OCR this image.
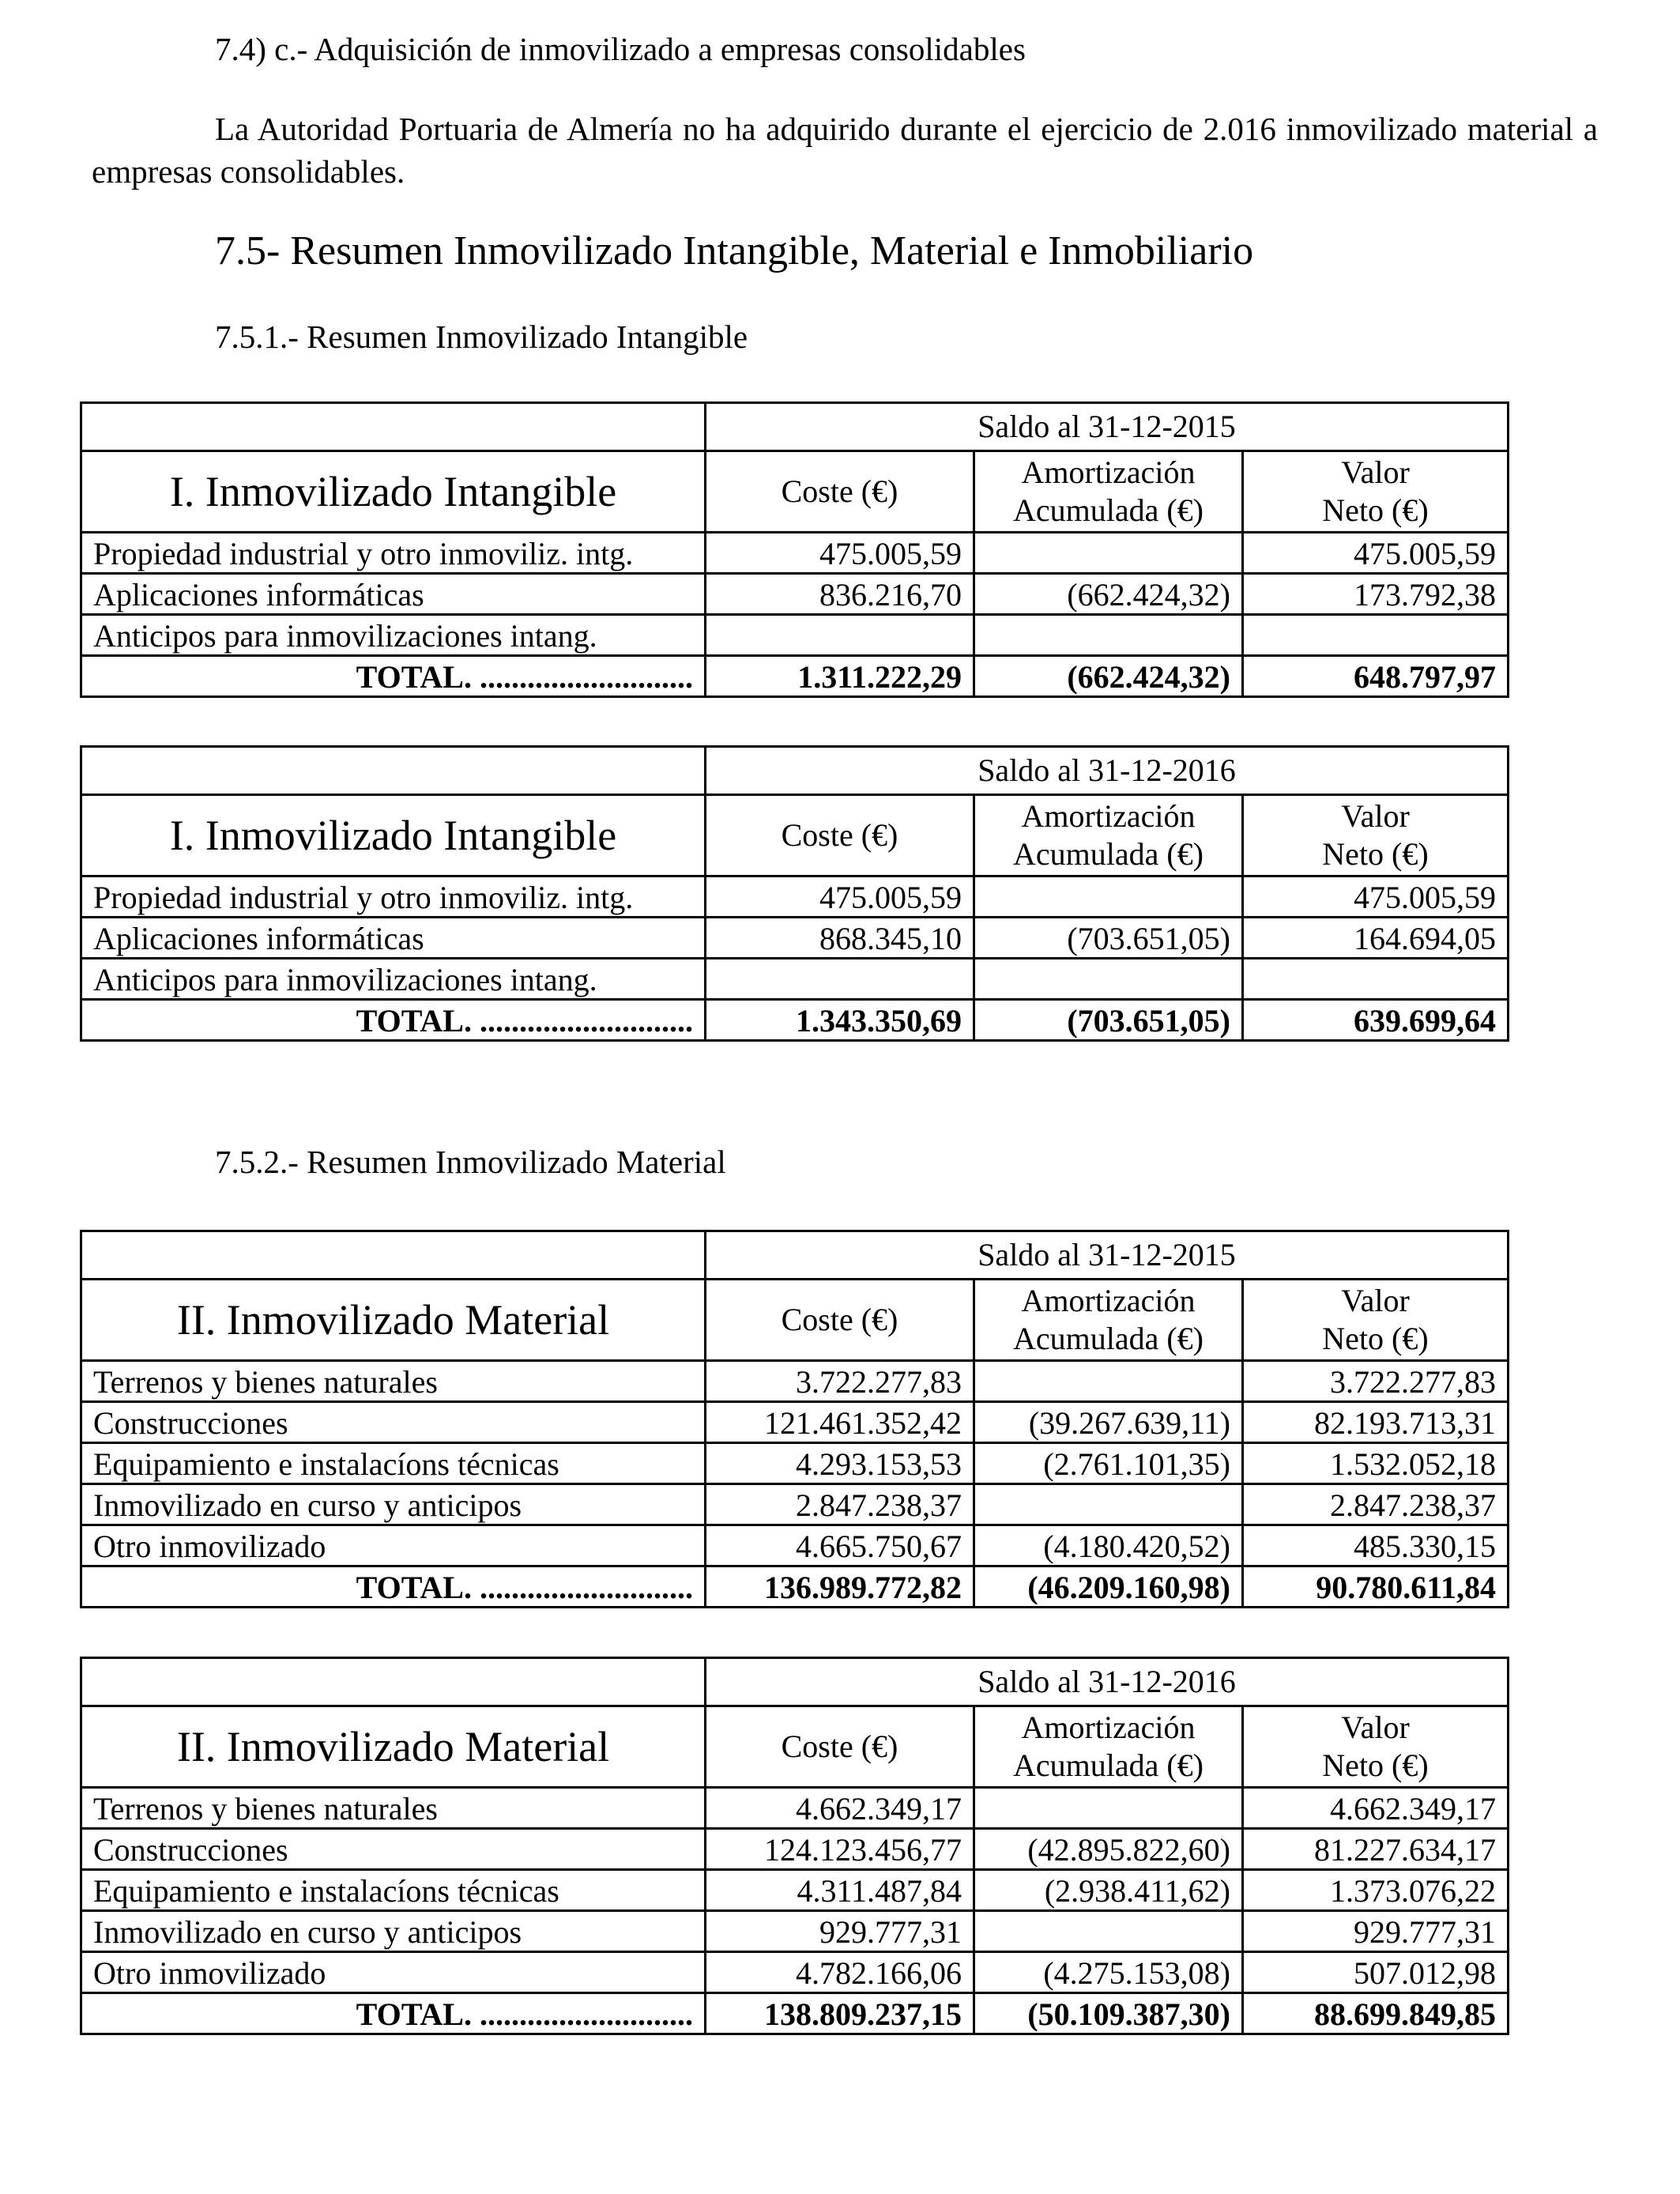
7.4) c.- Adquisición de inmovilizado a empresas consolidables

La Autoridad Portuaria de Almería no ha adquirido durante el ejercicio de 2.016 inmovilizado material a empresas consolidables.

7.5- Resumen Inmovilizado Intangible, Material e Inmobiliario

7.5.1.- Resumen Inmovilizado Intangible

7.5.2.- Resumen Inmovilizado Material

	Saldo al 31-12-2015		
I. Inmovilizado Intangible	Coste (€)	Amortización
Acumulada (€)	Valor
Neto (€)
Propiedad industrial y otro inmoviliz. intg.	475.005,59		475.005,59
Aplicaciones informáticas	836.216,70	(662.424,32)	173.792,38
Anticipos para inmovilizaciones intang.			
TOTAL. ...........................	1.311.222,29	(662.424,32)	648.797,97
	Saldo al 31-12-2016		
I. Inmovilizado Intangible	Coste (€)	Amortización
Acumulada (€)	Valor
Neto (€)
Propiedad industrial y otro inmoviliz. intg.	475.005,59		475.005,59
Aplicaciones informáticas	868.345,10	(703.651,05)	164.694,05
Anticipos para inmovilizaciones intang.			
TOTAL. ...........................	1.343.350,69	(703.651,05)	639.699,64
	Saldo al 31-12-2015		
II. Inmovilizado Material	Coste (€)	Amortización
Acumulada (€)	Valor
Neto (€)
Terrenos y bienes naturales	3.722.277,83		3.722.277,83
Construcciones	121.461.352,42	(39.267.639,11)	82.193.713,31
Equipamiento e instalacíons técnicas	4.293.153,53	(2.761.101,35)	1.532.052,18
Inmovilizado en curso y anticipos	2.847.238,37		2.847.238,37
Otro inmovilizado	4.665.750,67	(4.180.420,52)	485.330,15
TOTAL. ...........................	136.989.772,82	(46.209.160,98)	90.780.611,84
	Saldo al 31-12-2016		
II. Inmovilizado Material	Coste (€)	Amortización
Acumulada (€)	Valor
Neto (€)
Terrenos y bienes naturales	4.662.349,17		4.662.349,17
Construcciones	124.123.456,77	(42.895.822,60)	81.227.634,17
Equipamiento e instalacíons técnicas	4.311.487,84	(2.938.411,62)	1.373.076,22
Inmovilizado en curso y anticipos	929.777,31		929.777,31
Otro inmovilizado	4.782.166,06	(4.275.153,08)	507.012,98
TOTAL. ...........................	138.809.237,15	(50.109.387,30)	88.699.849,85
